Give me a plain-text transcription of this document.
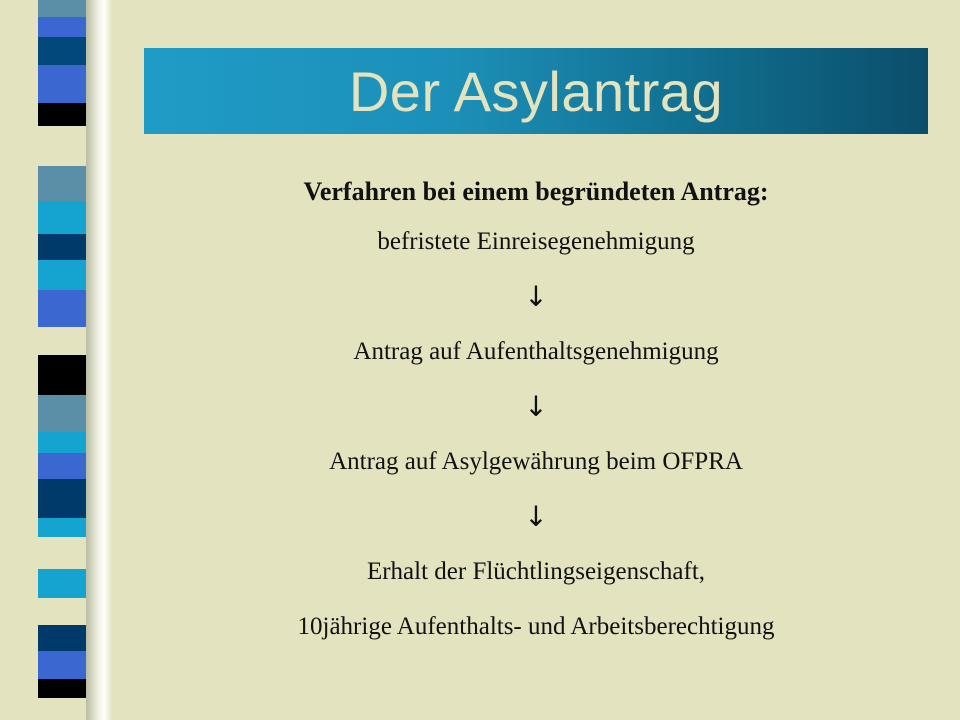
Der Asylantrag

Verfahren bei einem begründeten Antrag:

befristete Einreisegenehmigung

↓

Antrag auf Aufenthaltsgenehmigung

↓

Antrag auf Asylgewährung beim OFPRA

↓

Erhalt der Flüchtlingseigenschaft,

10jährige Aufenthalts- und Arbeitsberechtigung
